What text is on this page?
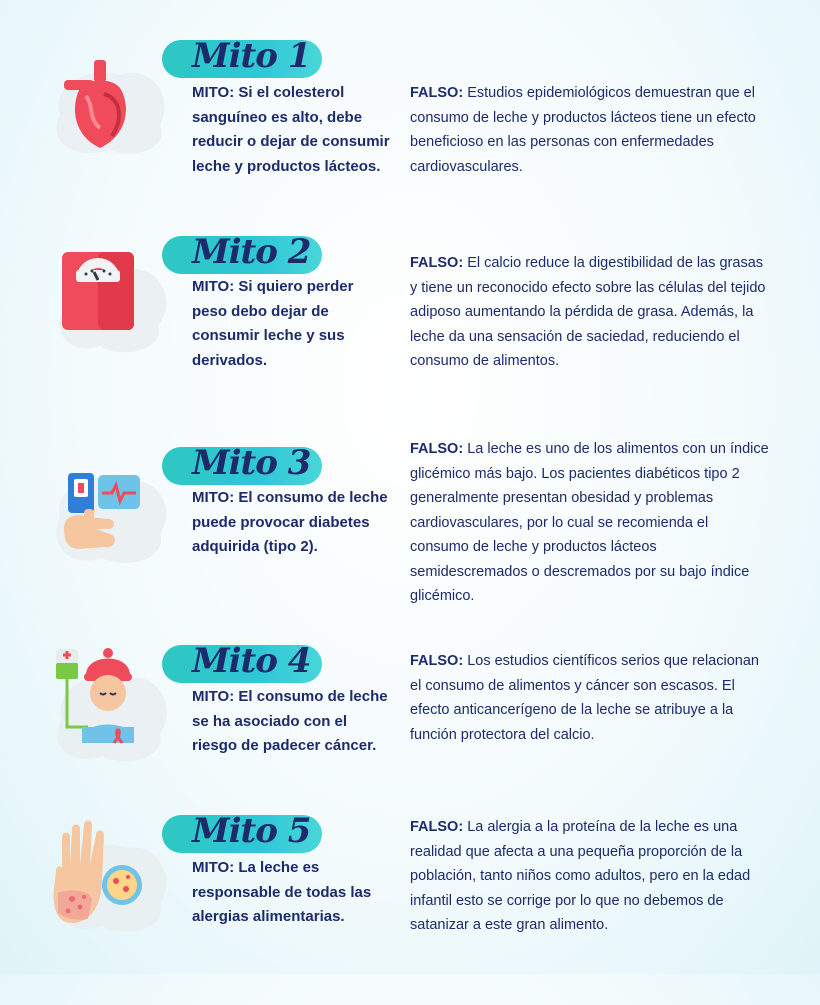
Mito 1
MITO: Si el colesterol sanguíneo es alto, debe reducir o dejar de consumir leche y productos lácteos.
FALSO: Estudios epidemiológicos demuestran que el consumo de leche y productos lácteos tiene un efecto beneficioso en las personas con enfermedades cardiovasculares.
Mito 2
MITO: Si quiero perder peso debo dejar de consumir leche y sus derivados.
FALSO: El calcio reduce la digestibilidad de las grasas y tiene un reconocido efecto sobre las células del tejido adiposo aumentando la pérdida de grasa. Además, la leche da una sensación de saciedad, reduciendo el consumo de alimentos.
Mito 3
MITO: El consumo de leche puede provocar diabetes adquirida (tipo 2).
FALSO: La leche es uno de los alimentos con un índice glicémico más bajo. Los pacientes diabéticos tipo 2 generalmente presentan obesidad y problemas cardiovasculares, por lo cual se recomienda el consumo de leche y productos lácteos semidescremados o descremados por su bajo índice glicémico.
Mito 4
MITO: El consumo de leche se ha asociado con el riesgo de padecer cáncer.
FALSO: Los estudios científicos serios que relacionan el consumo de alimentos y cáncer son escasos. El efecto anticancerígeno de la leche se atribuye a la función protectora del calcio.
Mito 5
MITO: La leche es responsable de todas las alergias alimentarias.
FALSO: La alergia a la proteína de la leche es una realidad que afecta a una pequeña proporción de la población, tanto niños como adultos, pero en la edad infantil esto se corrige por lo que no debemos de satanizar a este gran alimento.
